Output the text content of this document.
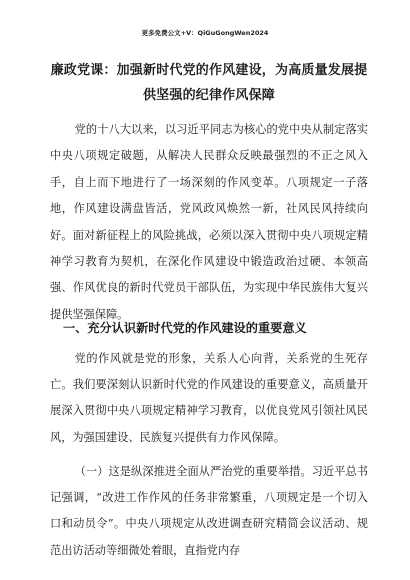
更多免费公文+V：QiGuGongWen2024
廉政党课：加强新时代党的作风建设，为高质量发展提供坚强的纪律作风保障

党的十八大以来，以习近平同志为核心的党中央从制定落实中央八项规定破题，从解决人民群众反映最强烈的不正之风入手，自上而下地进行了一场深刻的作风变革。八项规定一子落地，作风建设满盘皆活，党风政风焕然一新，社风民风持续向好。面对新征程上的风险挑战，必须以深入贯彻中央八项规定精神学习教育为契机，在深化作风建设中锻造政治过硬、本领高强、作风优良的新时代党员干部队伍，为实现中华民族伟大复兴提供坚强保障。

一、充分认识新时代党的作风建设的重要意义

党的作风就是党的形象，关系人心向背，关系党的生死存亡。我们要深刻认识新时代党的作风建设的重要意义，高质量开展深入贯彻中央八项规定精神学习教育，以优良党风引领社风民风，为强国建设、民族复兴提供有力作风保障。

（一）这是纵深推进全面从严治党的重要举措。习近平总书记强调，“改进工作作风的任务非常繁重，八项规定是一个切入口和动员令”。中央八项规定从改进调查研究精简会议活动、规范出访活动等细微处着眼，直指党内存
